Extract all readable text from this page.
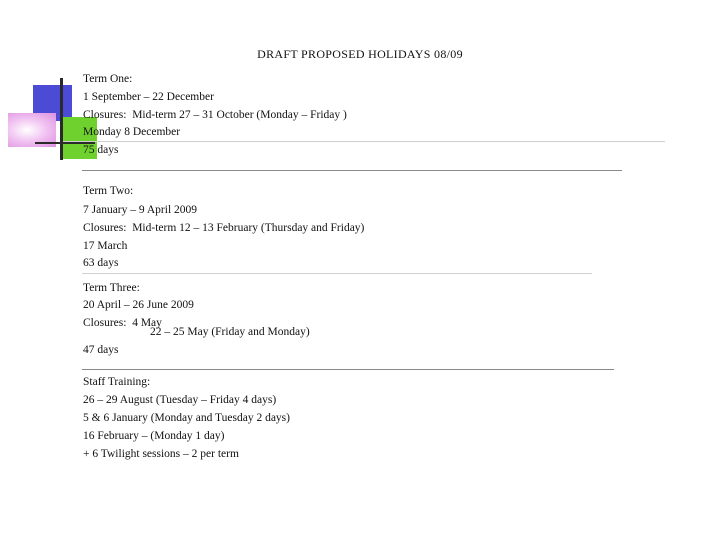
DRAFT PROPOSED HOLIDAYS 08/09
Term One:
1 September – 22 December
Closures:  Mid-term 27 – 31 October (Monday – Friday )
Monday 8 December
75 days
Term Two:
7 January – 9 April 2009
Closures:  Mid-term 12 – 13 February (Thursday and Friday)
17 March
63 days
Term Three:
20 April – 26 June 2009
Closures:  4 May
22 – 25 May (Friday and Monday)
47 days
Staff Training:
26 – 29 August (Tuesday – Friday 4 days)
5 & 6 January (Monday and Tuesday 2 days)
16 February – (Monday 1 day)
+ 6 Twilight sessions – 2 per term
